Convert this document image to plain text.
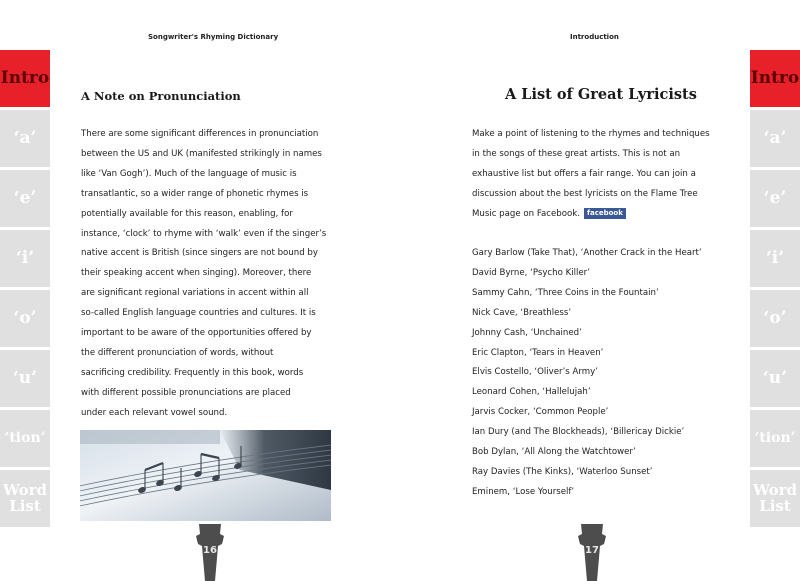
Songwriter's Rhyming Dictionary
Intro
‘a’
‘e’
‘i’
‘o’
‘u’
‘tion’
Word
List
A Note on Pronunciation
There are some significant differences in pronunciation
between the US and UK (manifested strikingly in names
like ‘Van Gogh’). Much of the language of music is
transatlantic, so a wider range of phonetic rhymes is
potentially available for this reason, enabling, for
instance, ‘clock’ to rhyme with ‘walk’ even if the singer’s
native accent is British (since singers are not bound by
their speaking accent when singing). Moreover, there
are significant regional variations in accent within all
so-called English language countries and cultures. It is
important to be aware of the opportunities offered by
the different pronunciation of words, without
sacrificing credibility. Frequently in this book, words
with different possible pronunciations are placed
under each relevant vowel sound.
16
Introduction
Intro
‘a’
‘e’
‘i’
‘o’
‘u’
‘tion’
Word
List
A List of Great Lyricists
Make a point of listening to the rhymes and techniques
in the songs of these great artists. This is not an
exhaustive list but offers a fair range. You can join a
discussion about the best lyricists on the Flame Tree
Music page on Facebook. facebook
Gary Barlow (Take That), ‘Another Crack in the Heart’
David Byrne, ‘Psycho Killer’
Sammy Cahn, ‘Three Coins in the Fountain’
Nick Cave, ‘Breathless’
Johnny Cash, ‘Unchained’
Eric Clapton, ‘Tears in Heaven’
Elvis Costello, ‘Oliver’s Army’
Leonard Cohen, ‘Hallelujah’
Jarvis Cocker, ‘Common People’
Ian Dury (and The Blockheads), ‘Billericay Dickie’
Bob Dylan, ‘All Along the Watchtower’
Ray Davies (The Kinks), ‘Waterloo Sunset’
Eminem, ‘Lose Yourself’
17
